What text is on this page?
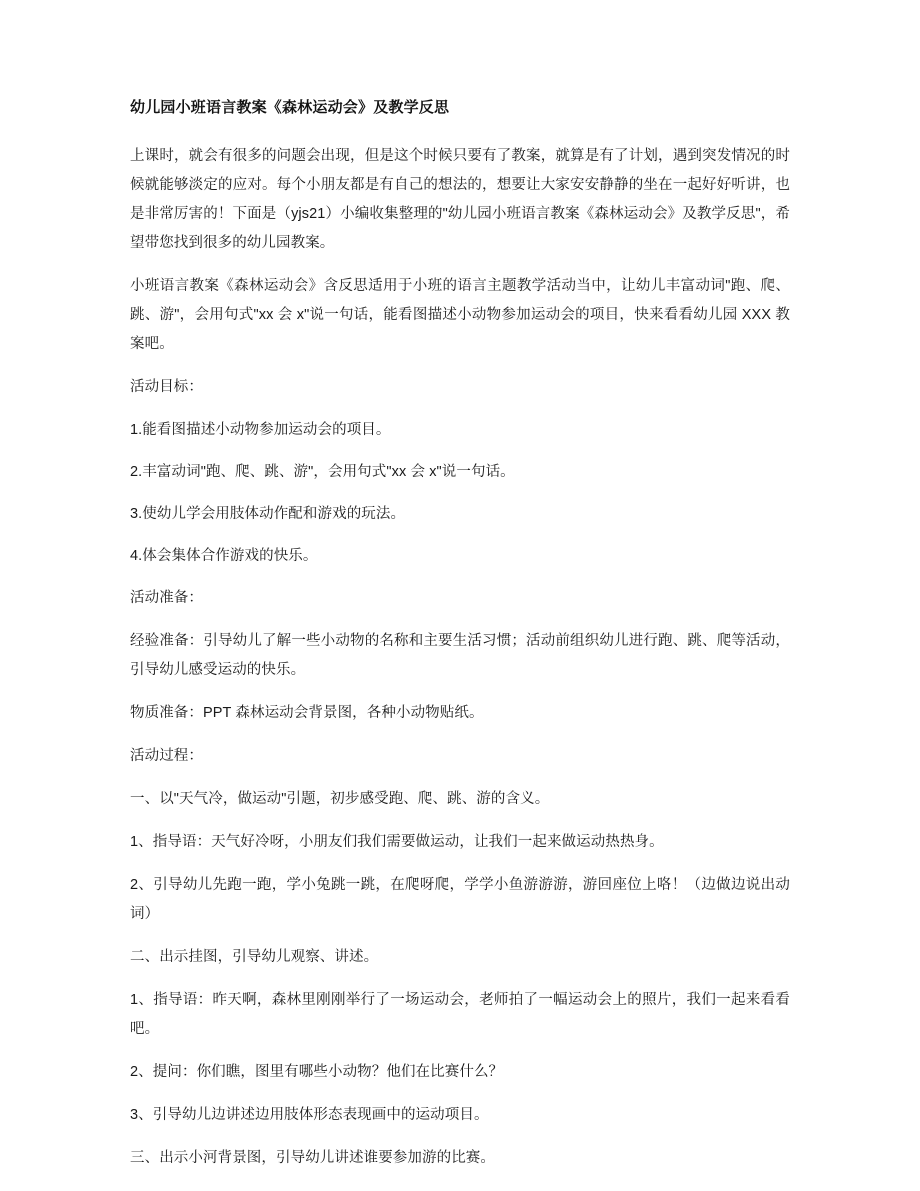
幼儿园小班语言教案《森林运动会》及教学反思

上课时，就会有很多的问题会出现，但是这个时候只要有了教案，就算是有了计划，遇到突发情况的时候就能够淡定的应对。每个小朋友都是有自己的想法的，想要让大家安安静静的坐在一起好好听讲，也是非常厉害的！下面是（yjs21）小编收集整理的"幼儿园小班语言教案《森林运动会》及教学反思"，希望带您找到很多的幼儿园教案。

小班语言教案《森林运动会》含反思适用于小班的语言主题教学活动当中，让幼儿丰富动词"跑、爬、跳、游"，会用句式"xx 会 x"说一句话，能看图描述小动物参加运动会的项目，快来看看幼儿园 XXX 教案吧。

活动目标：

1.能看图描述小动物参加运动会的项目。

2.丰富动词"跑、爬、跳、游"，会用句式"xx 会 x"说一句话。

3.使幼儿学会用肢体动作配和游戏的玩法。

4.体会集体合作游戏的快乐。

活动准备：

经验准备：引导幼儿了解一些小动物的名称和主要生活习惯；活动前组织幼儿进行跑、跳、爬等活动，引导幼儿感受运动的快乐。

物质准备：PPT 森林运动会背景图，各种小动物贴纸。

活动过程：

一、以"天气冷，做运动"引题，初步感受跑、爬、跳、游的含义。

1、指导语：天气好冷呀，小朋友们我们需要做运动，让我们一起来做运动热热身。

2、引导幼儿先跑一跑，学小兔跳一跳，在爬呀爬，学学小鱼游游游，游回座位上咯！（边做边说出动词）

二、出示挂图，引导幼儿观察、讲述。

1、指导语：昨天啊，森林里刚刚举行了一场运动会，老师拍了一幅运动会上的照片，我们一起来看看吧。

2、提问：你们瞧，图里有哪些小动物？他们在比赛什么？

3、引导幼儿边讲述边用肢体形态表现画中的运动项目。

三、出示小河背景图，引导幼儿讲述谁要参加游的比赛。
